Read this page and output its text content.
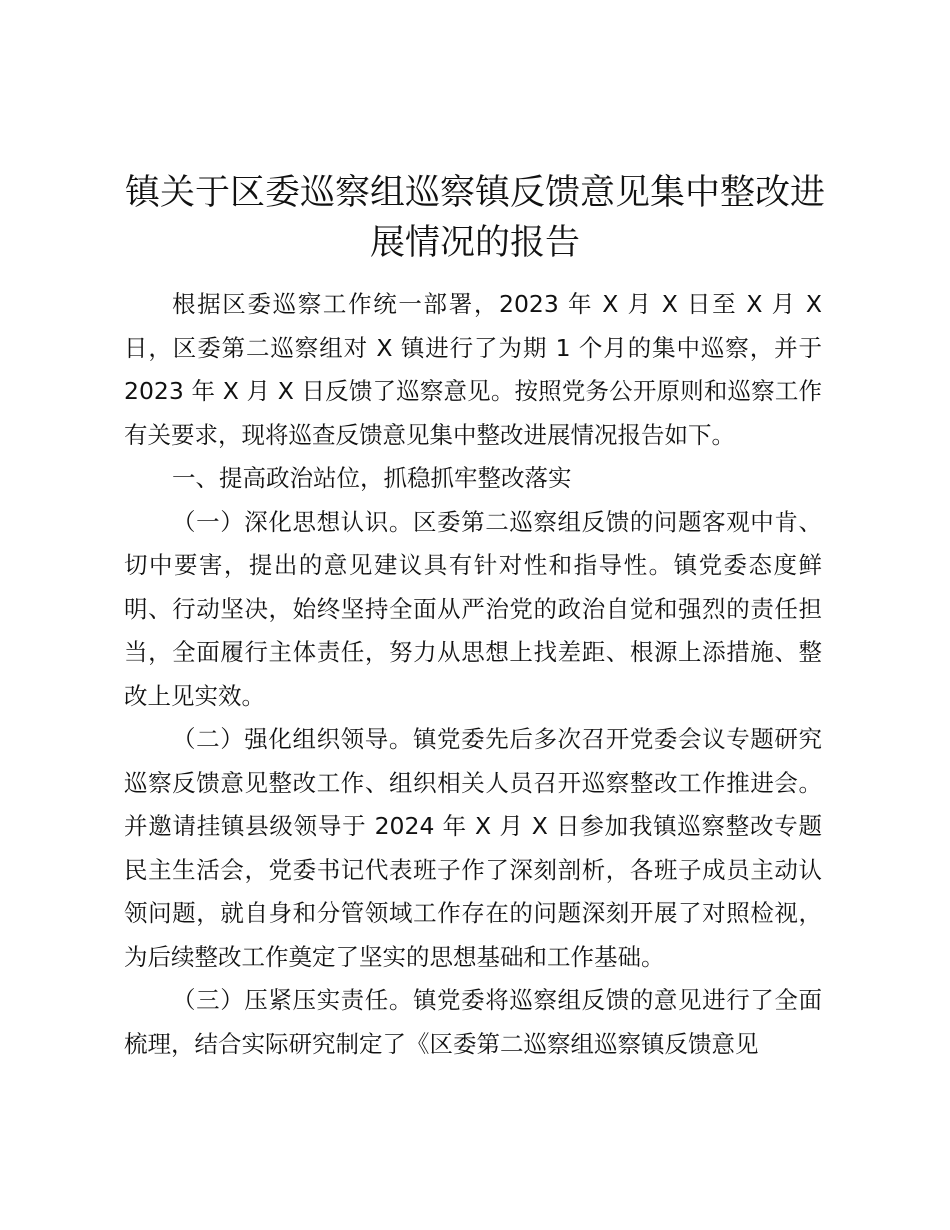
镇关于区委巡察组巡察镇反馈意见集中整改进展情况的报告

根据区委巡察工作统一部署，2023 年 X 月 X 日至 X 月 X 日，区委第二巡察组对 X 镇进行了为期 1 个月的集中巡察，并于 2023 年 X 月 X 日反馈了巡察意见。按照党务公开原则和巡察工作有关要求，现将巡查反馈意见集中整改进展情况报告如下。

一、提高政治站位，抓稳抓牢整改落实

（一）深化思想认识。区委第二巡察组反馈的问题客观中肯、切中要害，提出的意见建议具有针对性和指导性。镇党委态度鲜明、行动坚决，始终坚持全面从严治党的政治自觉和强烈的责任担当，全面履行主体责任，努力从思想上找差距、根源上添措施、整改上见实效。

（二）强化组织领导。镇党委先后多次召开党委会议专题研究巡察反馈意见整改工作、组织相关人员召开巡察整改工作推进会。并邀请挂镇县级领导于 2024 年 X 月 X 日参加我镇巡察整改专题民主生活会，党委书记代表班子作了深刻剖析，各班子成员主动认领问题，就自身和分管领域工作存在的问题深刻开展了对照检视，为后续整改工作奠定了坚实的思想基础和工作基础。

（三）压紧压实责任。镇党委将巡察组反馈的意见进行了全面梳理，结合实际研究制定了《区委第二巡察组巡察镇反馈意见
